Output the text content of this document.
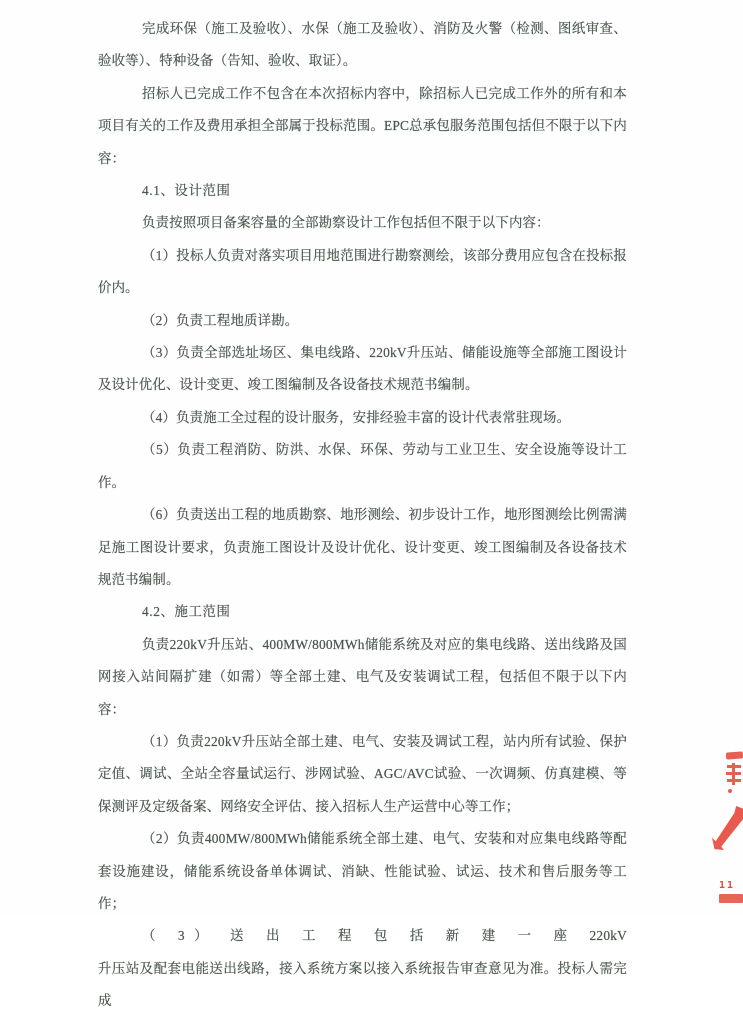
完成环保（施工及验收）、水保（施工及验收）、消防及火警（检测、图纸审查、验收等）、特种设备（告知、验收、取证）。
招标人已完成工作不包含在本次招标内容中，除招标人已完成工作外的所有和本项目有关的工作及费用承担全部属于投标范围。EPC总承包服务范围包括但不限于以下内容：
4.1、设计范围
负责按照项目备案容量的全部勘察设计工作包括但不限于以下内容：
（1）投标人负责对落实项目用地范围进行勘察测绘，该部分费用应包含在投标报价内。
（2）负责工程地质详勘。
（3）负责全部选址场区、集电线路、220kV升压站、储能设施等全部施工图设计及设计优化、设计变更、竣工图编制及各设备技术规范书编制。
（4）负责施工全过程的设计服务，安排经验丰富的设计代表常驻现场。
（5）负责工程消防、防洪、水保、环保、劳动与工业卫生、安全设施等设计工作。
（6）负责送出工程的地质勘察、地形测绘、初步设计工作，地形图测绘比例需满足施工图设计要求，负责施工图设计及设计优化、设计变更、竣工图编制及各设备技术规范书编制。
4.2、施工范围
负责220kV升压站、400MW/800MWh储能系统及对应的集电线路、送出线路及国网接入站间隔扩建（如需）等全部土建、电气及安装调试工程，包括但不限于以下内容：
（1）负责220kV升压站全部土建、电气、安装及调试工程，站内所有试验、保护定值、调试、全站全容量试运行、涉网试验、AGC/AVC试验、一次调频、仿真建模、等保测评及定级备案、网络安全评估、接入招标人生产运营中心等工作；
（2）负责400MW/800MWh储能系统全部土建、电气、安装和对应集电线路等配套设施建设，储能系统设备单体调试、消缺、性能试验、试运、技术和售后服务等工作；
（ 3） 送 出 工 程 包 括 新 建 一 座 220kV
升压站及配套电能送出线路，接入系统方案以接入系统报告审查意见为准。投标人需完成
11
